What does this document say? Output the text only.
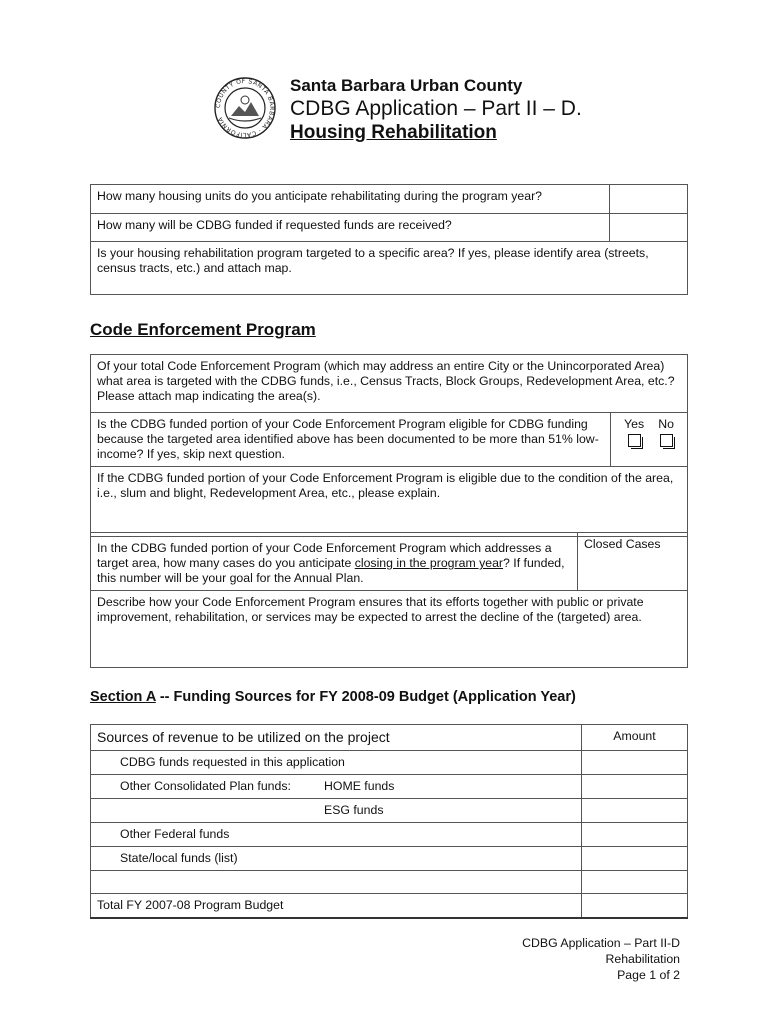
COUNTY OF SANTA BARBARA · CALIFORNIA
Santa Barbara Urban County
CDBG Application – Part II – D.
Housing Rehabilitation
How many housing units do you anticipate rehabilitating during the program year?	
How many will be CDBG funded if requested funds are received?	
Is your housing rehabilitation program targeted to a specific area? If yes, please identify area (streets, census tracts, etc.) and attach map.	
Code Enforcement Program
Of your total Code Enforcement Program (which may address an entire City or the Unincorporated Area) what area is targeted with the CDBG funds, i.e., Census Tracts, Block Groups, Redevelopment Area, etc.? Please attach map indicating the area(s).
Is the CDBG funded portion of your Code Enforcement Program eligible for CDBG funding because the targeted area identified above has been documented to be more than 51% low-income? If yes, skip next question.	
Yes No

If the CDBG funded portion of your Code Enforcement Program is eligible due to the condition of the area, i.e., slum and blight, Redevelopment Area, etc., please explain.
In the CDBG funded portion of your Code Enforcement Program which addresses a target area, how many cases do you anticipate closing in the program year? If funded, this number will be your goal for the Annual Plan.	Closed Cases
Describe how your Code Enforcement Program ensures that its efforts together with public or private improvement, rehabilitation, or services may be expected to arrest the decline of the (targeted) area.
Section A -- Funding Sources for FY 2008-09 Budget (Application Year)
Sources of revenue to be utilized on the project	Amount
CDBG funds requested in this application	
Other Consolidated Plan funds: HOME funds	
ESG funds	
Other Federal funds	
State/local funds (list)	

Total FY 2007-08 Program Budget	
CDBG Application – Part II-D
Rehabilitation
Page 1 of 2
